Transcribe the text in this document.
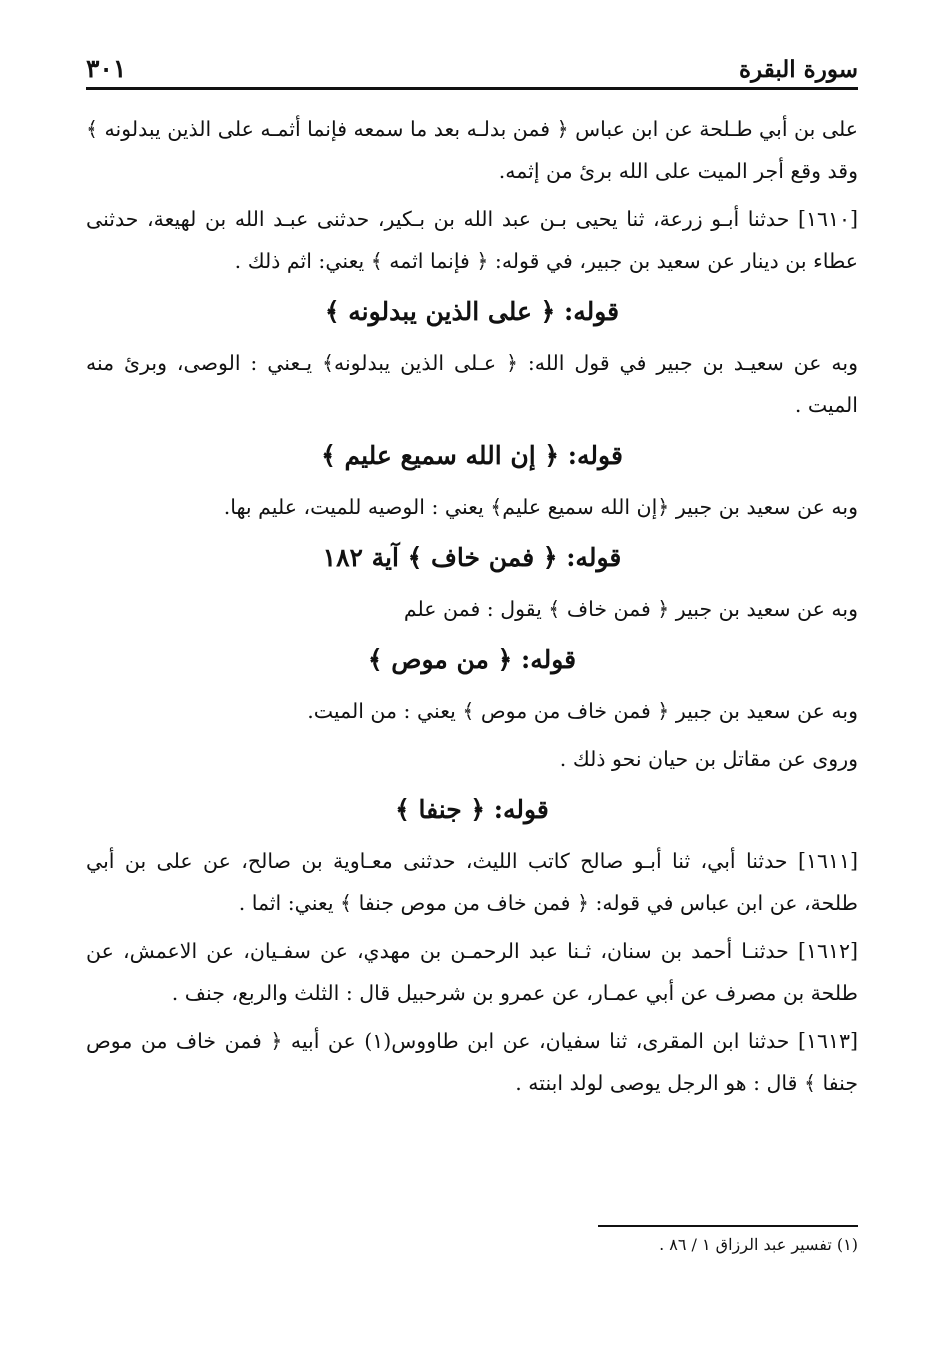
سورة البقرة
٣٠١

على بن أبي طـلحة عن ابن عباس ﴿ فمن بدلـه بعد ما سمعه فإنما أثمـه على الذين يبدلونه ﴾ وقد وقع أجر الميت على الله برئ من إثمه.

[١٦١٠] حدثنا أبـو زرعة، ثنا يحيى بـن عبد الله بن بـكير، حدثنى عبـد الله بن لهيعة، حدثنى عطاء بن دينار عن سعيد بن جبير، في قوله: ﴿ فإنما اثمه ﴾ يعني: اثم ذلك .

قوله: ﴿ على الذين يبدلونه ﴾

وبه عن سعيـد بن جبير في قول الله: ﴿ عـلى الذين يبدلونه﴾ يـعني : الوصى، وبرئ منه الميت .

قوله: ﴿ إن الله سميع عليم ﴾

وبه عن سعيد بن جبير ﴿إن الله سميع عليم﴾ يعني : الوصيه للميت، عليم بها.

قوله: ﴿ فمن خاف ﴾ آية ١٨٢

وبه عن سعيد بن جبير ﴿ فمن خاف ﴾ يقول : فمن علم

قوله: ﴿ من موص ﴾

وبه عن سعيد بن جبير ﴿ فمن خاف من موص ﴾ يعني : من الميت.

وروى عن مقاتل بن حيان نحو ذلك .

قوله: ﴿ جنفا ﴾

[١٦١١] حدثنا أبي، ثنا أبـو صالح كاتب الليث، حدثنى معـاوية بن صالح، عن على بن أبي طلحة، عن ابن عباس في قوله: ﴿ فمن خاف من موص جنفا ﴾ يعني: اثما .

[١٦١٢] حدثنـا أحمد بن سنان، ثـنا عبد الرحمـن بن مهدي، عن سفـيان، عن الاعمش، عن طلحة بن مصرف عن أبي عمـار، عن عمرو بن شرحبيل قال : الثلث والربع، جنف .

[١٦١٣] حدثنا ابن المقرى، ثنا سفيان، عن ابن طاووس(١) عن أبيه ﴿ فمن خاف من موص جنفا ﴾ قال : هو الرجل يوصى لولد ابنته .

(١) تفسير عبد الرزاق ١ / ٨٦ .
